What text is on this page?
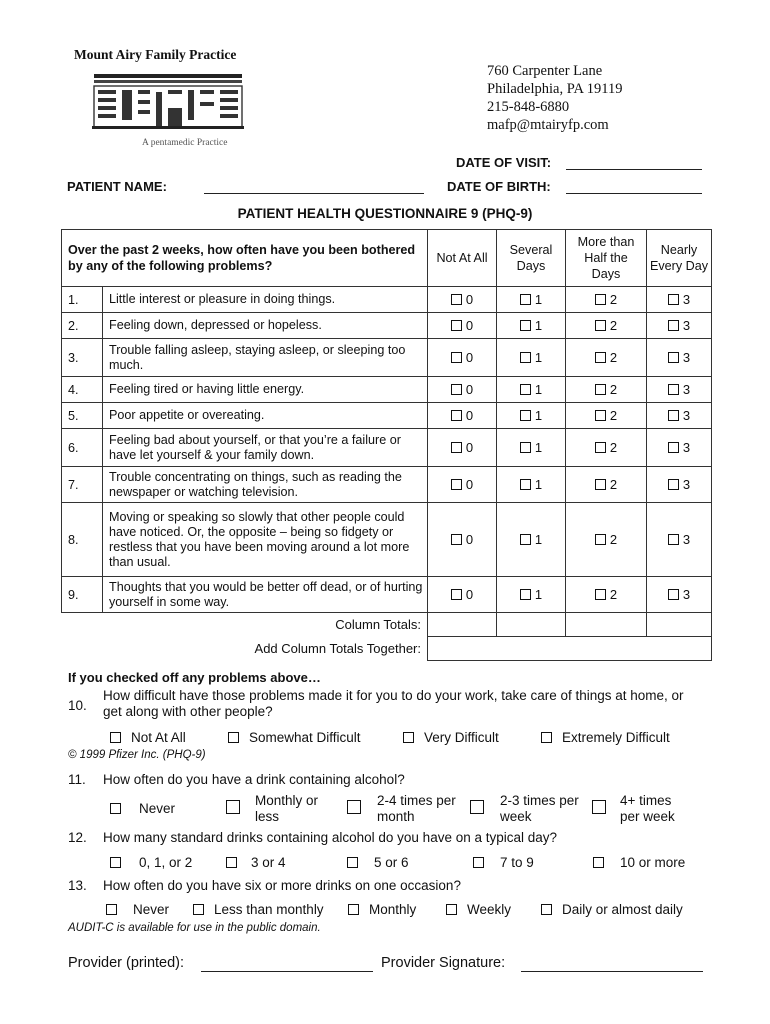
Mount Airy Family Practice
A pentamedic Practice
760 Carpenter Lane
Philadelphia, PA 19119
215-848-6880
mafp@mtairyfp.com
DATE OF VISIT:
PATIENT NAME:	DATE OF BIRTH:
PATIENT HEALTH QUESTIONNAIRE 9 (PHQ-9)
Over the past 2 weeks, how often have you been bothered by any of the following problems?		Not At All	Several Days	More than Half the Days	Nearly Every Day
1.	Little interest or pleasure in doing things.	0	1	2	3
2.	Feeling down, depressed or hopeless.	0	1	2	3
3.	Trouble falling asleep, staying asleep, or sleeping too much.	0	1	2	3
4.	Feeling tired or having little energy.	0	1	2	3
5.	Poor appetite or overeating.	0	1	2	3
6.	Feeling bad about yourself, or that you’re a failure or have let yourself & your family down.	0	1	2	3
7.	Trouble concentrating on things, such as reading the newspaper or watching television.	0	1	2	3
8.	Moving or speaking so slowly that other people could have noticed. Or, the opposite – being so fidgety or restless that you have been moving around a lot more than usual.	0	1	2	3
9.	Thoughts that you would be better off dead, or of hurting yourself in some way.	0	1	2	3
Column Totals:					
Add Column Totals Together:					
If you checked off any problems above…
10.
How difficult have those problems made it for you to do your work, take care of things at home, or get along with other people?
Not At All	Somewhat Difficult	Very Difficult	Extremely Difficult
© 1999 Pfizer Inc. (PHQ-9)
11. How often do you have a drink containing alcohol?
Never
Monthly or less
2-4 times per month
2-3 times per week
4+ times per week
12. How many standard drinks containing alcohol do you have on a typical day?
0, 1, or 2	3 or 4	5 or 6	7 to 9	10 or more
13. How often do you have six or more drinks on one occasion?
Never	Less than monthly	Monthly	Weekly	Daily or almost daily
AUDIT-C is available for use in the public domain.
Provider (printed):	Provider Signature:
